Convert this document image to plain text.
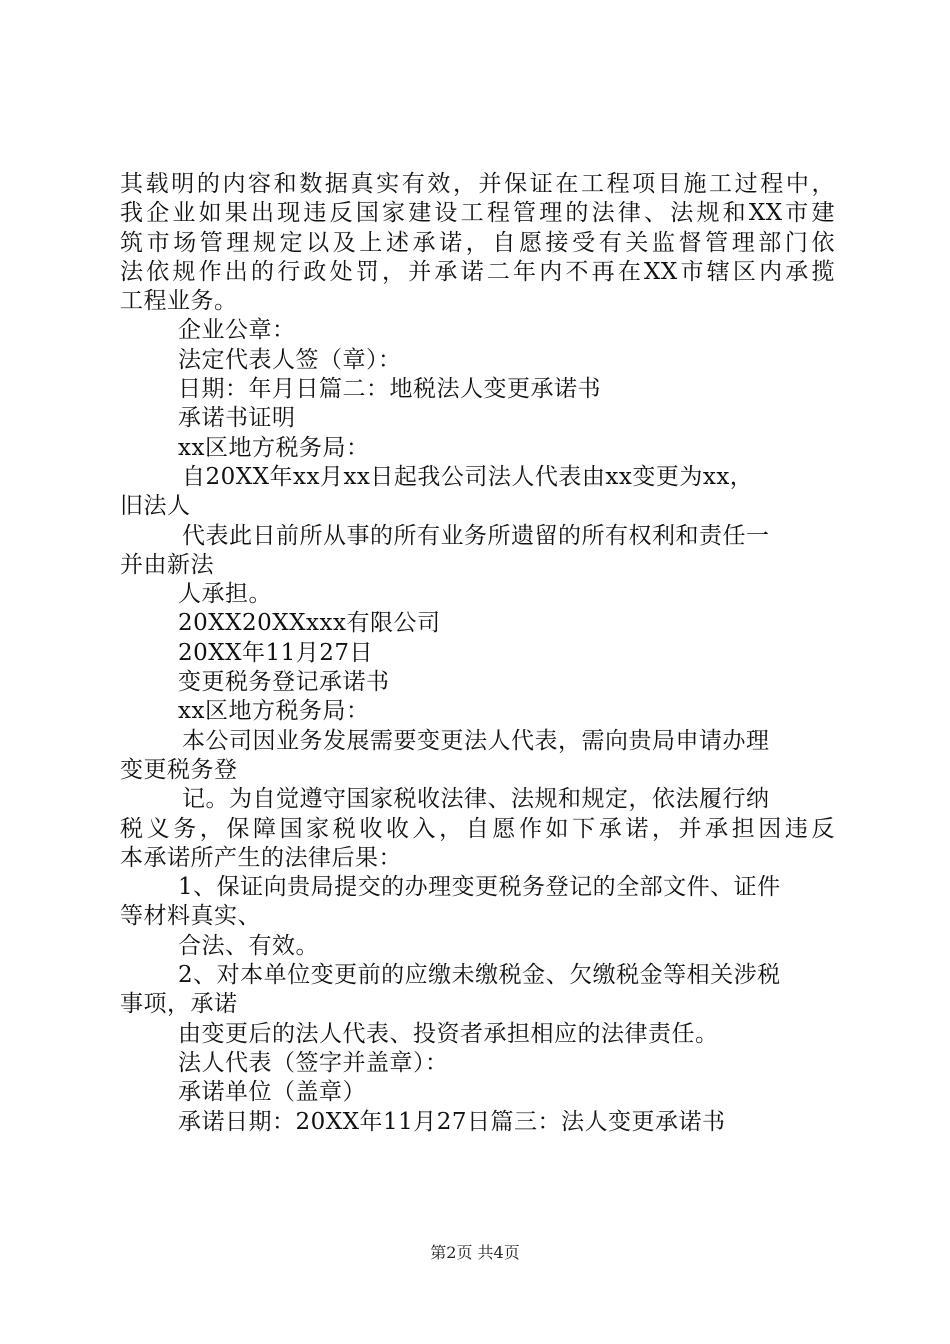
其载明的内容和数据真实有效，并保证在工程项目施工过程中，
我企业如果出现违反国家建设工程管理的法律、法规和XX市建
筑市场管理规定以及上述承诺，自愿接受有关监督管理部门依
法依规作出的行政处罚，并承诺二年内不再在XX市辖区内承揽
工程业务。
企业公章：
法定代表人签（章）：
日期：年月日篇二：地税法人变更承诺书
承诺书证明
xx区地方税务局：
自20XX年xx月xx日起我公司法人代表由xx变更为xx，
旧法人
代表此日前所从事的所有业务所遗留的所有权利和责任一
并由新法
人承担。
20XX20XXxxx有限公司
20XX年11月27日
变更税务登记承诺书
xx区地方税务局：
本公司因业务发展需要变更法人代表，需向贵局申请办理
变更税务登
记。为自觉遵守国家税收法律、法规和规定，依法履行纳
税义务，保障国家税收收入，自愿作如下承诺，并承担因违反
本承诺所产生的法律后果：
1、保证向贵局提交的办理变更税务登记的全部文件、证件
等材料真实、
合法、有效。
2、对本单位变更前的应缴未缴税金、欠缴税金等相关涉税
事项，承诺
由变更后的法人代表、投资者承担相应的法律责任。
法人代表（签字并盖章）：
承诺单位（盖章）
承诺日期：20XX年11月27日篇三：法人变更承诺书
第2页 共4页
